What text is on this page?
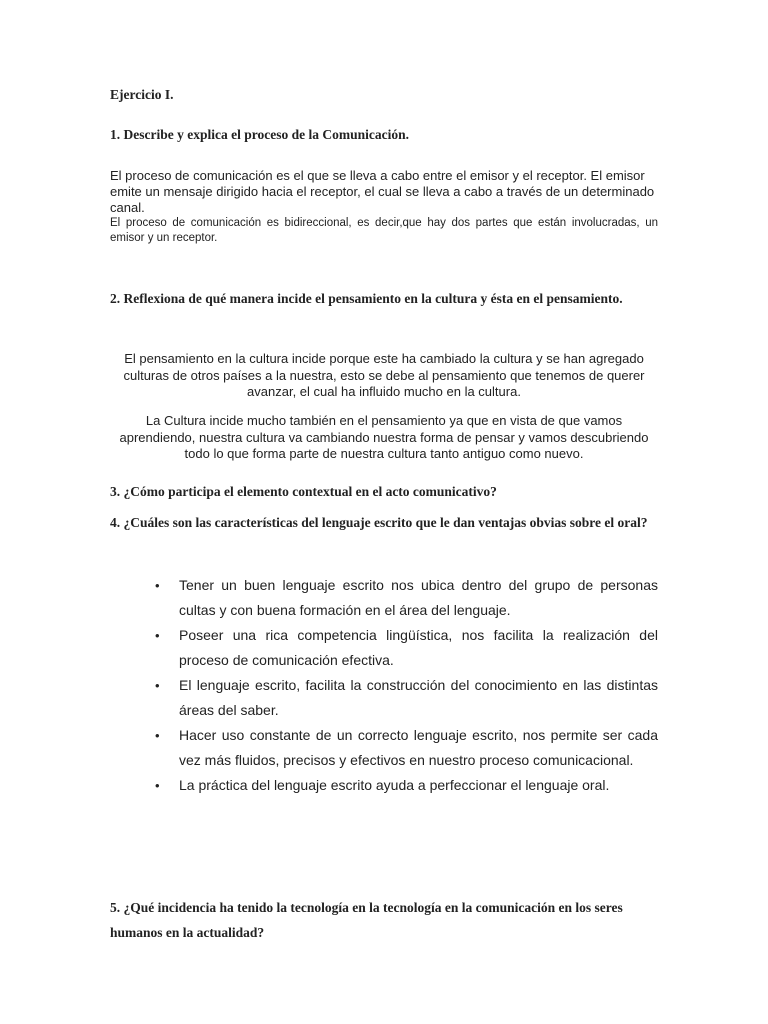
Ejercicio I.
1. Describe y explica el proceso de la Comunicación.
El proceso de comunicación es el que se lleva a cabo entre el emisor y el receptor. El emisor emite un mensaje dirigido hacia el receptor, el cual se lleva a cabo a través de un determinado canal.
El proceso de comunicación es bidireccional, es decir,que hay dos partes que están involucradas, un emisor y un receptor.
2. Reflexiona de qué manera incide el pensamiento en la cultura y ésta en el pensamiento.
El pensamiento en la cultura incide porque este ha cambiado la cultura y se han agregado culturas de otros países a la nuestra, esto se debe al pensamiento que tenemos de querer avanzar, el cual ha influido mucho en la cultura.
La Cultura incide mucho también en el pensamiento ya que en vista de que vamos aprendiendo, nuestra cultura va cambiando nuestra forma de pensar y vamos descubriendo todo lo que forma parte de nuestra cultura tanto antiguo como nuevo.
3. ¿Cómo participa el elemento contextual en el acto comunicativo?
4. ¿Cuáles son las características del lenguaje escrito que le dan ventajas obvias sobre el oral?
• Tener un buen lenguaje escrito nos ubica dentro del grupo de personas cultas y con buena formación en el área del lenguaje.
• Poseer una rica competencia lingüística, nos facilita la realización del proceso de comunicación efectiva.
• El lenguaje escrito, facilita la construcción del conocimiento en las distintas áreas del saber.
• Hacer uso constante de un correcto lenguaje escrito, nos permite ser cada vez más fluidos, precisos y efectivos en nuestro proceso comunicacional.
• La práctica del lenguaje escrito ayuda a perfeccionar el lenguaje oral.
5. ¿Qué incidencia ha tenido la tecnología en la tecnología en la comunicación en los seres humanos en la actualidad?
